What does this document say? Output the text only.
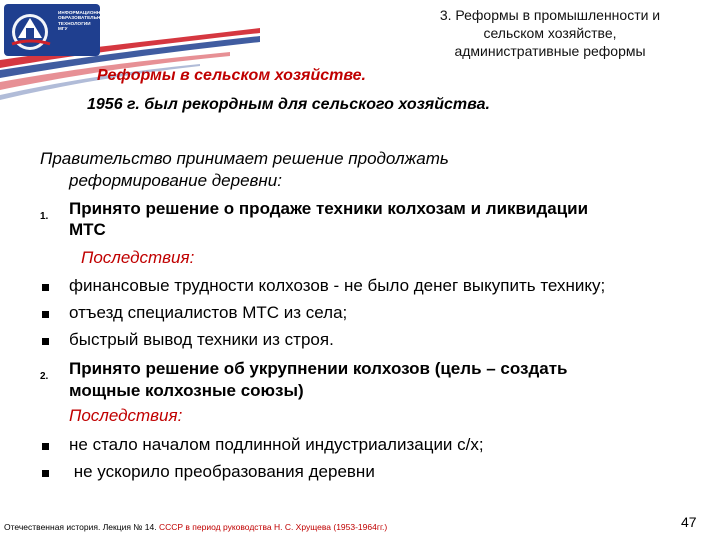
ИНФОРМАЦИОННЫЕ
ОБРАЗОВАТЕЛЬНЫЕ
ТЕХНОЛОГИИ
МГУ
3. Реформы в промышленности и
сельском хозяйстве,
административные реформы
Реформы в сельском хозяйстве.
1956 г. был рекордным для сельского хозяйства.
Правительство принимает решение продолжать
реформирование деревни:
1. Принято решение о продаже техники колхозам и ликвидации
МТС
Последствия:
финансовые трудности колхозов - не было денег выкупить технику;
отъезд специалистов МТС из села;
быстрый вывод техники из строя.
2. Принято решение об укрупнении колхозов (цель – создать
мощные колхозные союзы)
Последствия:
не стало началом подлинной индустриализации с/х;
не ускорило преобразования деревни
Отечественная история. Лекция № 14. СССР в период руководства Н. С. Хрущева (1953-1964гг.)	47
